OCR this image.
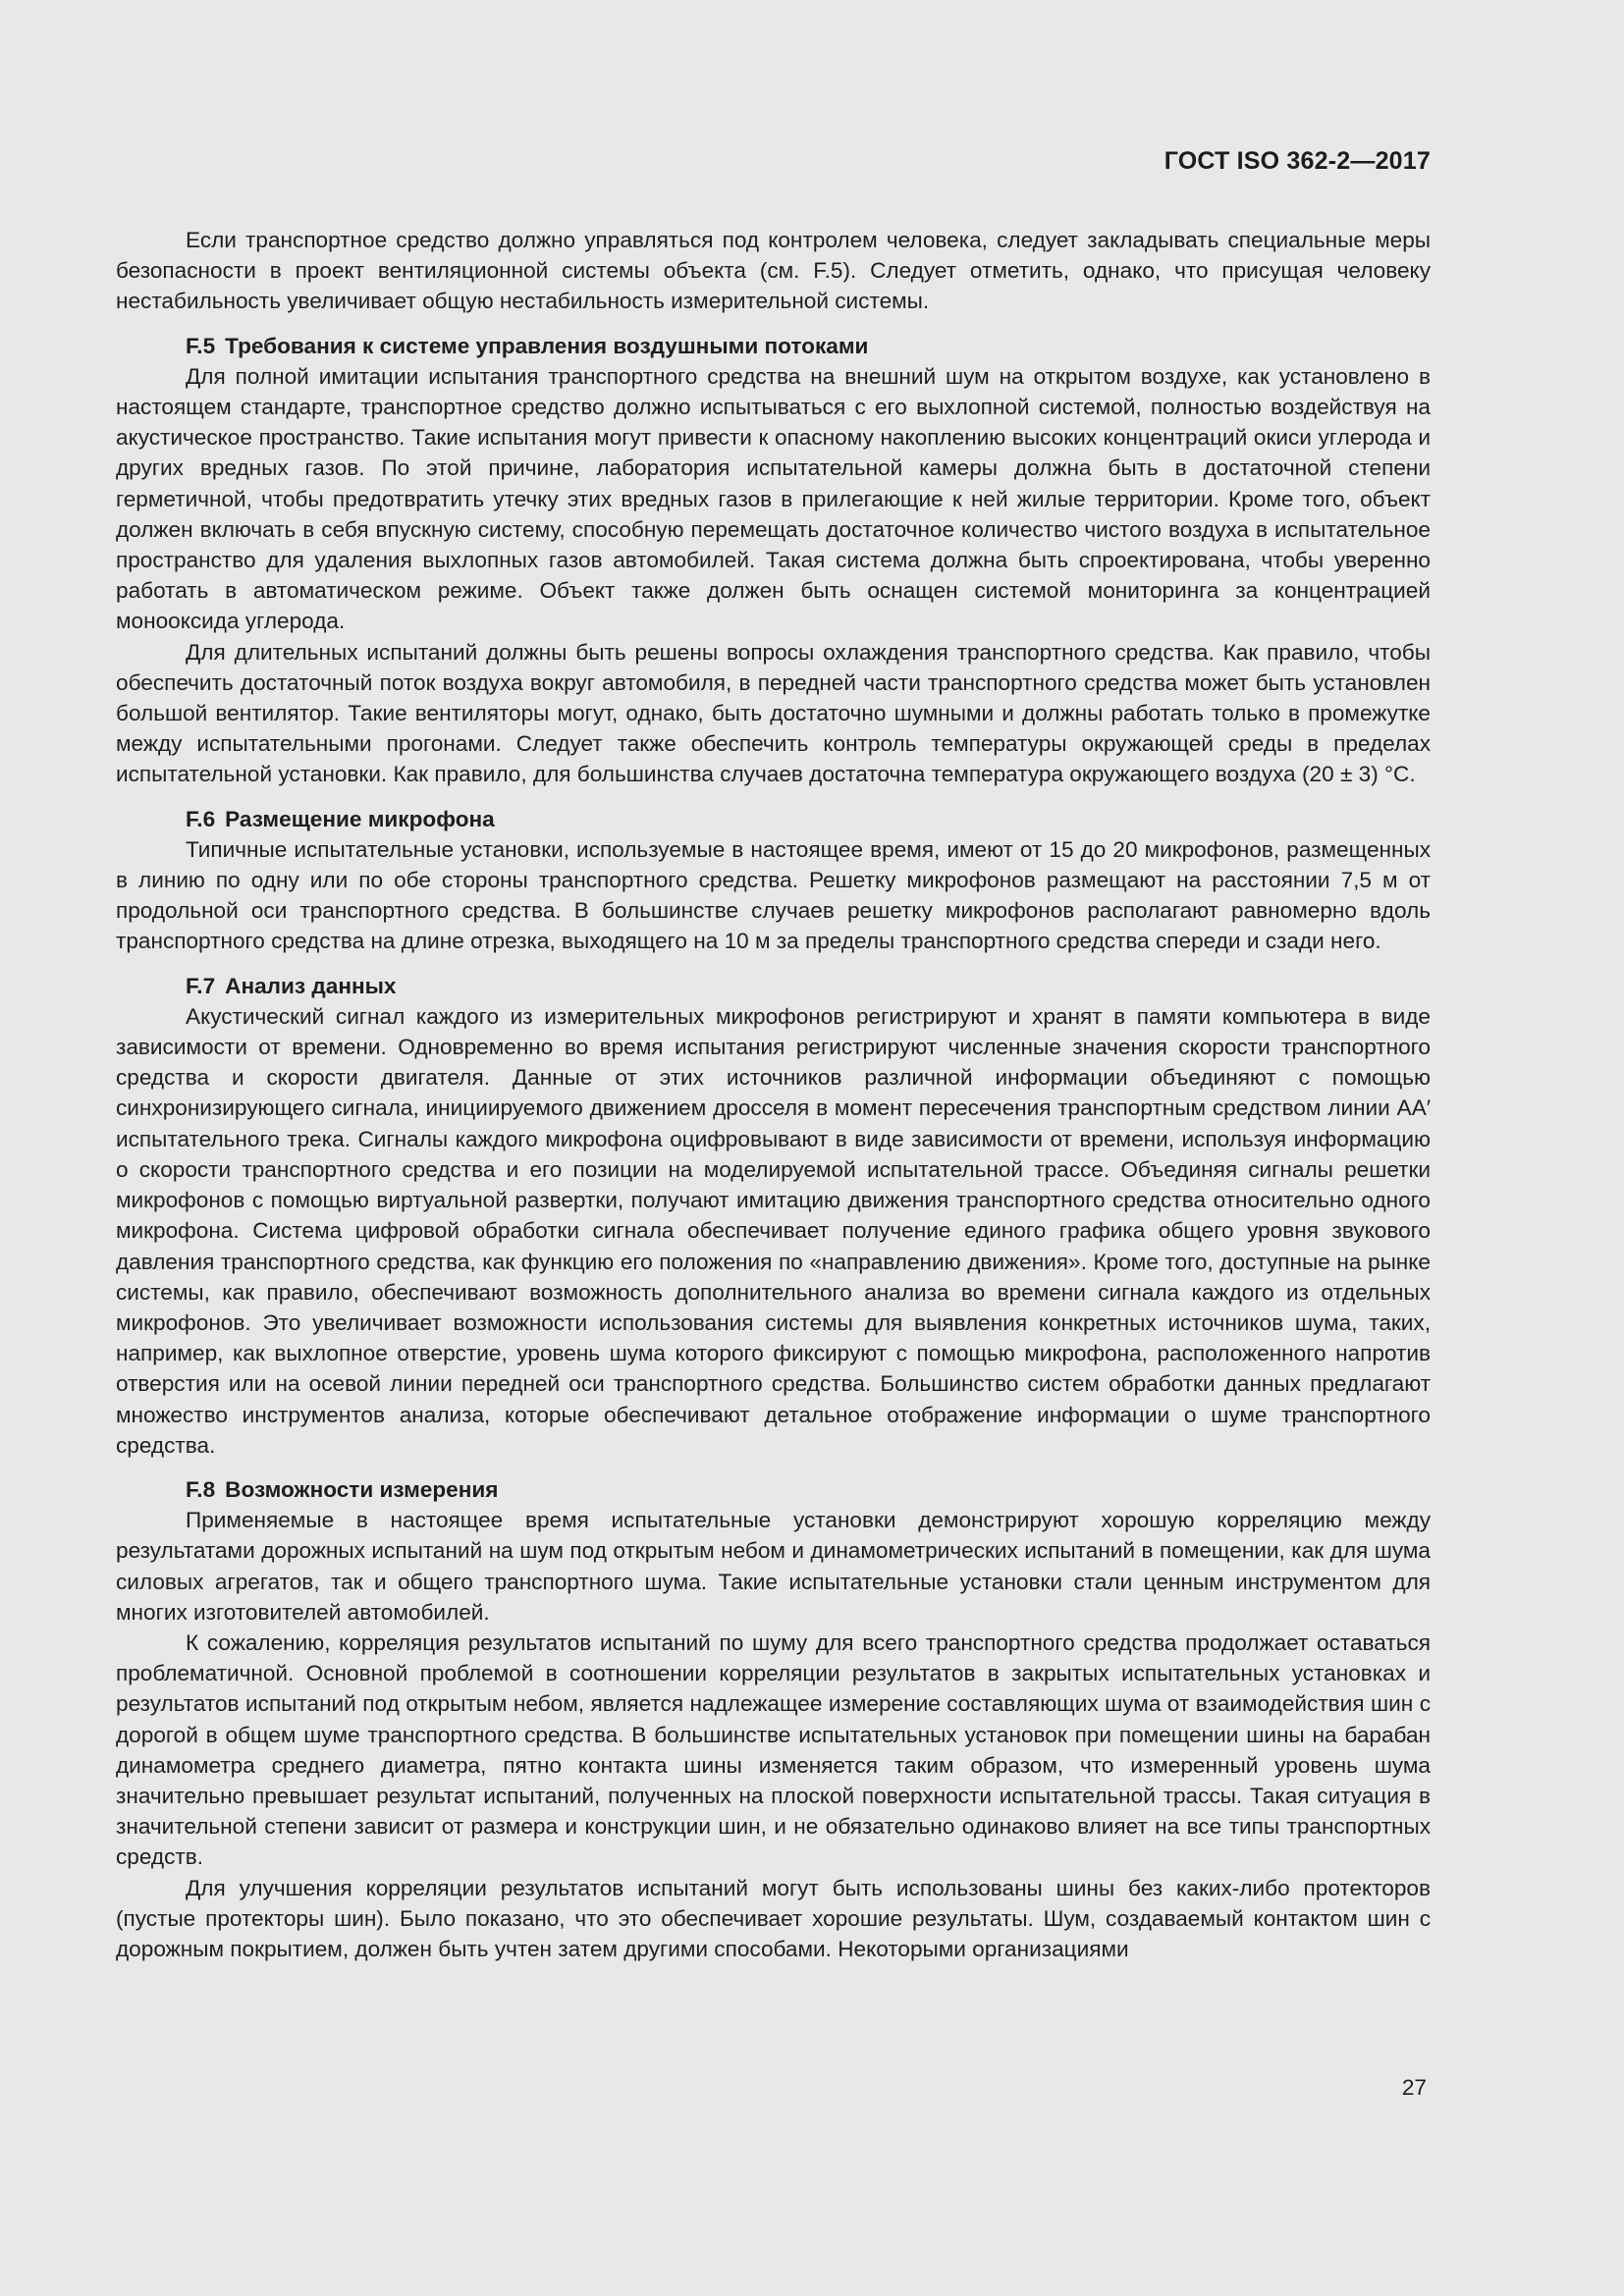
ГОСТ ISO 362-2—2017

Если транспортное средство должно управляться под контролем человека, следует закладывать специальные меры безопасности в проект вентиляционной системы объекта (см. F.5). Следует отметить, однако, что присущая человеку нестабильность увеличивает общую нестабильность измерительной системы.

F.5 Требования к системе управления воздушными потоками

Для полной имитации испытания транспортного средства на внешний шум на открытом воздухе, как установлено в настоящем стандарте, транспортное средство должно испытываться с его выхлопной системой, полностью воздействуя на акустическое пространство. Такие испытания могут привести к опасному накоплению высоких концентраций окиси углерода и других вредных газов. По этой причине, лаборатория испытательной камеры должна быть в достаточной степени герметичной, чтобы предотвратить утечку этих вредных газов в прилегающие к ней жилые территории. Кроме того, объект должен включать в себя впускную систему, способную перемещать достаточное количество чистого воздуха в испытательное пространство для удаления выхлопных газов автомобилей. Такая система должна быть спроектирована, чтобы уверенно работать в автоматическом режиме. Объект также должен быть оснащен системой мониторинга за концентрацией монооксида углерода.

Для длительных испытаний должны быть решены вопросы охлаждения транспортного средства. Как правило, чтобы обеспечить достаточный поток воздуха вокруг автомобиля, в передней части транспортного средства может быть установлен большой вентилятор. Такие вентиляторы могут, однако, быть достаточно шумными и должны работать только в промежутке между испытательными прогонами. Следует также обеспечить контроль температуры окружающей среды в пределах испытательной установки. Как правило, для большинства случаев достаточна температура окружающего воздуха (20 ± 3) °С.

F.6 Размещение микрофона

Типичные испытательные установки, используемые в настоящее время, имеют от 15 до 20 микрофонов, размещенных в линию по одну или по обе стороны транспортного средства. Решетку микрофонов размещают на расстоянии 7,5 м от продольной оси транспортного средства. В большинстве случаев решетку микрофонов располагают равномерно вдоль транспортного средства на длине отрезка, выходящего на 10 м за пределы транспортного средства спереди и сзади него.

F.7 Анализ данных

Акустический сигнал каждого из измерительных микрофонов регистрируют и хранят в памяти компьютера в виде зависимости от времени. Одновременно во время испытания регистрируют численные значения скорости транспортного средства и скорости двигателя. Данные от этих источников различной информации объединяют с помощью синхронизирующего сигнала, инициируемого движением дросселя в момент пересечения транспортным средством линии АА′ испытательного трека. Сигналы каждого микрофона оцифровывают в виде зависимости от времени, используя информацию о скорости транспортного средства и его позиции на моделируемой испытательной трассе. Объединяя сигналы решетки микрофонов с помощью виртуальной развертки, получают имитацию движения транспортного средства относительно одного микрофона. Система цифровой обработки сигнала обеспечивает получение единого графика общего уровня звукового давления транспортного средства, как функцию его положения по «направлению движения». Кроме того, доступные на рынке системы, как правило, обеспечивают возможность дополнительного анализа во времени сигнала каждого из отдельных микрофонов. Это увеличивает возможности использования системы для выявления конкретных источников шума, таких, например, как выхлопное отверстие, уровень шума которого фиксируют с помощью микрофона, расположенного напротив отверстия или на осевой линии передней оси транспортного средства. Большинство систем обработки данных предлагают множество инструментов анализа, которые обеспечивают детальное отображение информации о шуме транспортного средства.

F.8 Возможности измерения

Применяемые в настоящее время испытательные установки демонстрируют хорошую корреляцию между результатами дорожных испытаний на шум под открытым небом и динамометрических испытаний в помещении, как для шума силовых агрегатов, так и общего транспортного шума. Такие испытательные установки стали ценным инструментом для многих изготовителей автомобилей.

К сожалению, корреляция результатов испытаний по шуму для всего транспортного средства продолжает оставаться проблематичной. Основной проблемой в соотношении корреляции результатов в закрытых испытательных установках и результатов испытаний под открытым небом, является надлежащее измерение составляющих шума от взаимодействия шин с дорогой в общем шуме транспортного средства. В большинстве испытательных установок при помещении шины на барабан динамометра среднего диаметра, пятно контакта шины изменяется таким образом, что измеренный уровень шума значительно превышает результат испытаний, полученных на плоской поверхности испытательной трассы. Такая ситуация в значительной степени зависит от размера и конструкции шин, и не обязательно одинаково влияет на все типы транспортных средств.

Для улучшения корреляции результатов испытаний могут быть использованы шины без каких-либо протекторов (пустые протекторы шин). Было показано, что это обеспечивает хорошие результаты. Шум, создаваемый контактом шин с дорожным покрытием, должен быть учтен затем другими способами. Некоторыми организациями

27
